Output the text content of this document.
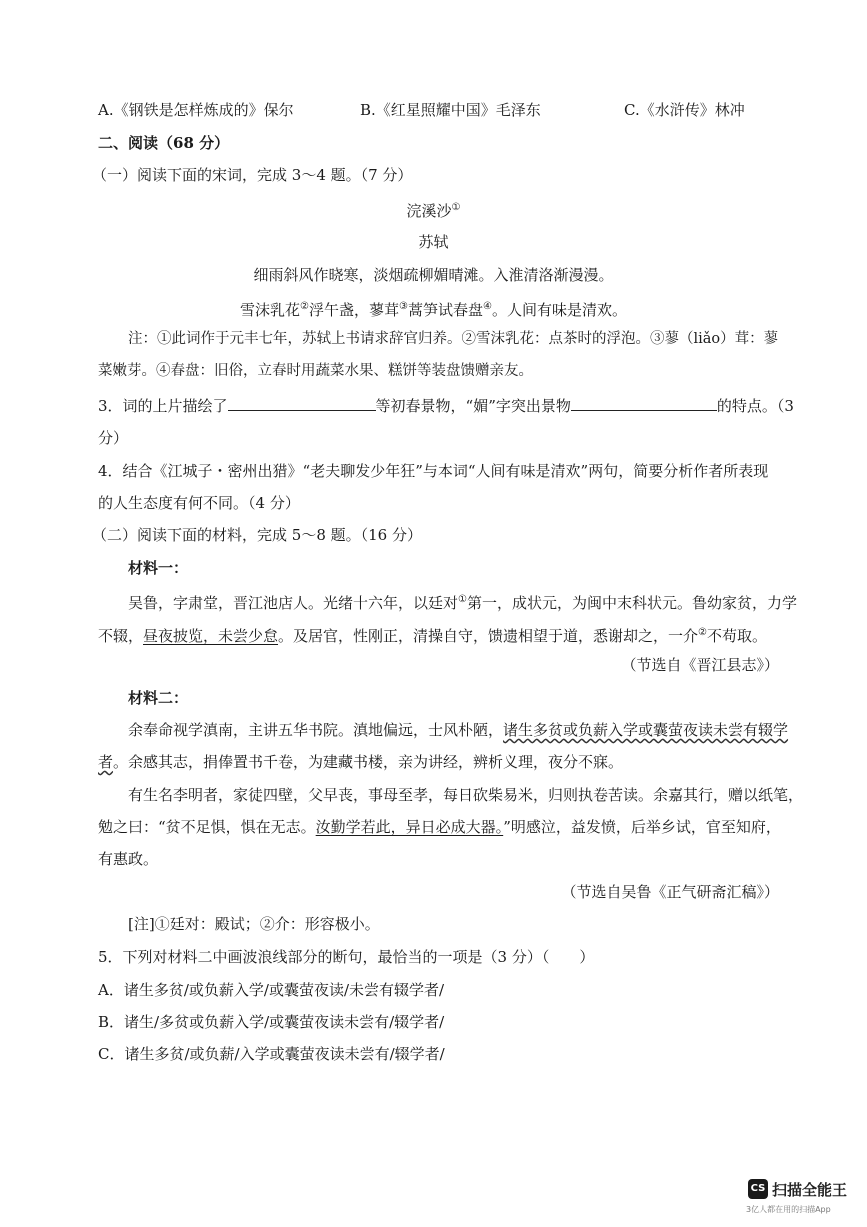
A.《钢铁是怎样炼成的》保尔	B.《红星照耀中国》毛泽东	C.《水浒传》林冲
二、阅读（68 分）
（一）阅读下面的宋词，完成 3～4 题。（7 分）
浣溪沙①
苏轼
细雨斜风作晓寒，淡烟疏柳媚晴滩。入淮清洛渐漫漫。
雪沫乳花②浮午盏，蓼茸③蒿笋试春盘④。人间有味是清欢。
注：①此词作于元丰七年，苏轼上书请求辞官归养。②雪沫乳花：点茶时的浮泡。③蓼（liǎo）茸：蓼
菜嫩芽。④春盘：旧俗，立春时用蔬菜水果、糕饼等装盘馈赠亲友。
3．词的上片描绘了	等初春景物，“媚”字突出景物	的特点。（3
分）
4．结合《江城子・密州出猎》“老夫聊发少年狂”与本词“人间有味是清欢”两句，简要分析作者所表现
的人生态度有何不同。（4 分）
（二）阅读下面的材料，完成 5～8 题。（16 分）
材料一：
吴鲁，字肃堂，晋江池店人。光绪十六年，以廷对①第一，成状元，为闽中末科状元。鲁幼家贫，力学
不辍，昼夜披览，未尝少怠。及居官，性刚正，清操自守，馈遗相望于道，悉谢却之，一介②不苟取。
（节选自《晋江县志》）
材料二：
余奉命视学滇南，主讲五华书院。滇地偏远，士风朴陋，诸生多贫或负薪入学或囊萤夜读未尝有辍学
者。余感其志，捐俸置书千卷，为建藏书楼，亲为讲经，辨析义理，夜分不寐。
有生名李明者，家徒四壁，父早丧，事母至孝，每日砍柴易米，归则执卷苦读。余嘉其行，赠以纸笔，
勉之曰：“贫不足惧，惧在无志。汝勤学若此，异日必成大器。”明感泣，益发愤，后举乡试，官至知府，
有惠政。
（节选自吴鲁《正气研斋汇稿》）
[注]①廷对：殿试；②介：形容极小。
5．下列对材料二中画波浪线部分的断句，最恰当的一项是（3 分）（　　）
A．诸生多贫/或负薪入学/或囊萤夜读/未尝有辍学者/
B．诸生/多贫或负薪入学/或囊萤夜读未尝有/辍学者/
C．诸生多贫/或负薪/入学或囊萤夜读未尝有/辍学者/
CS 扫描全能王
3亿人都在用的扫描App
